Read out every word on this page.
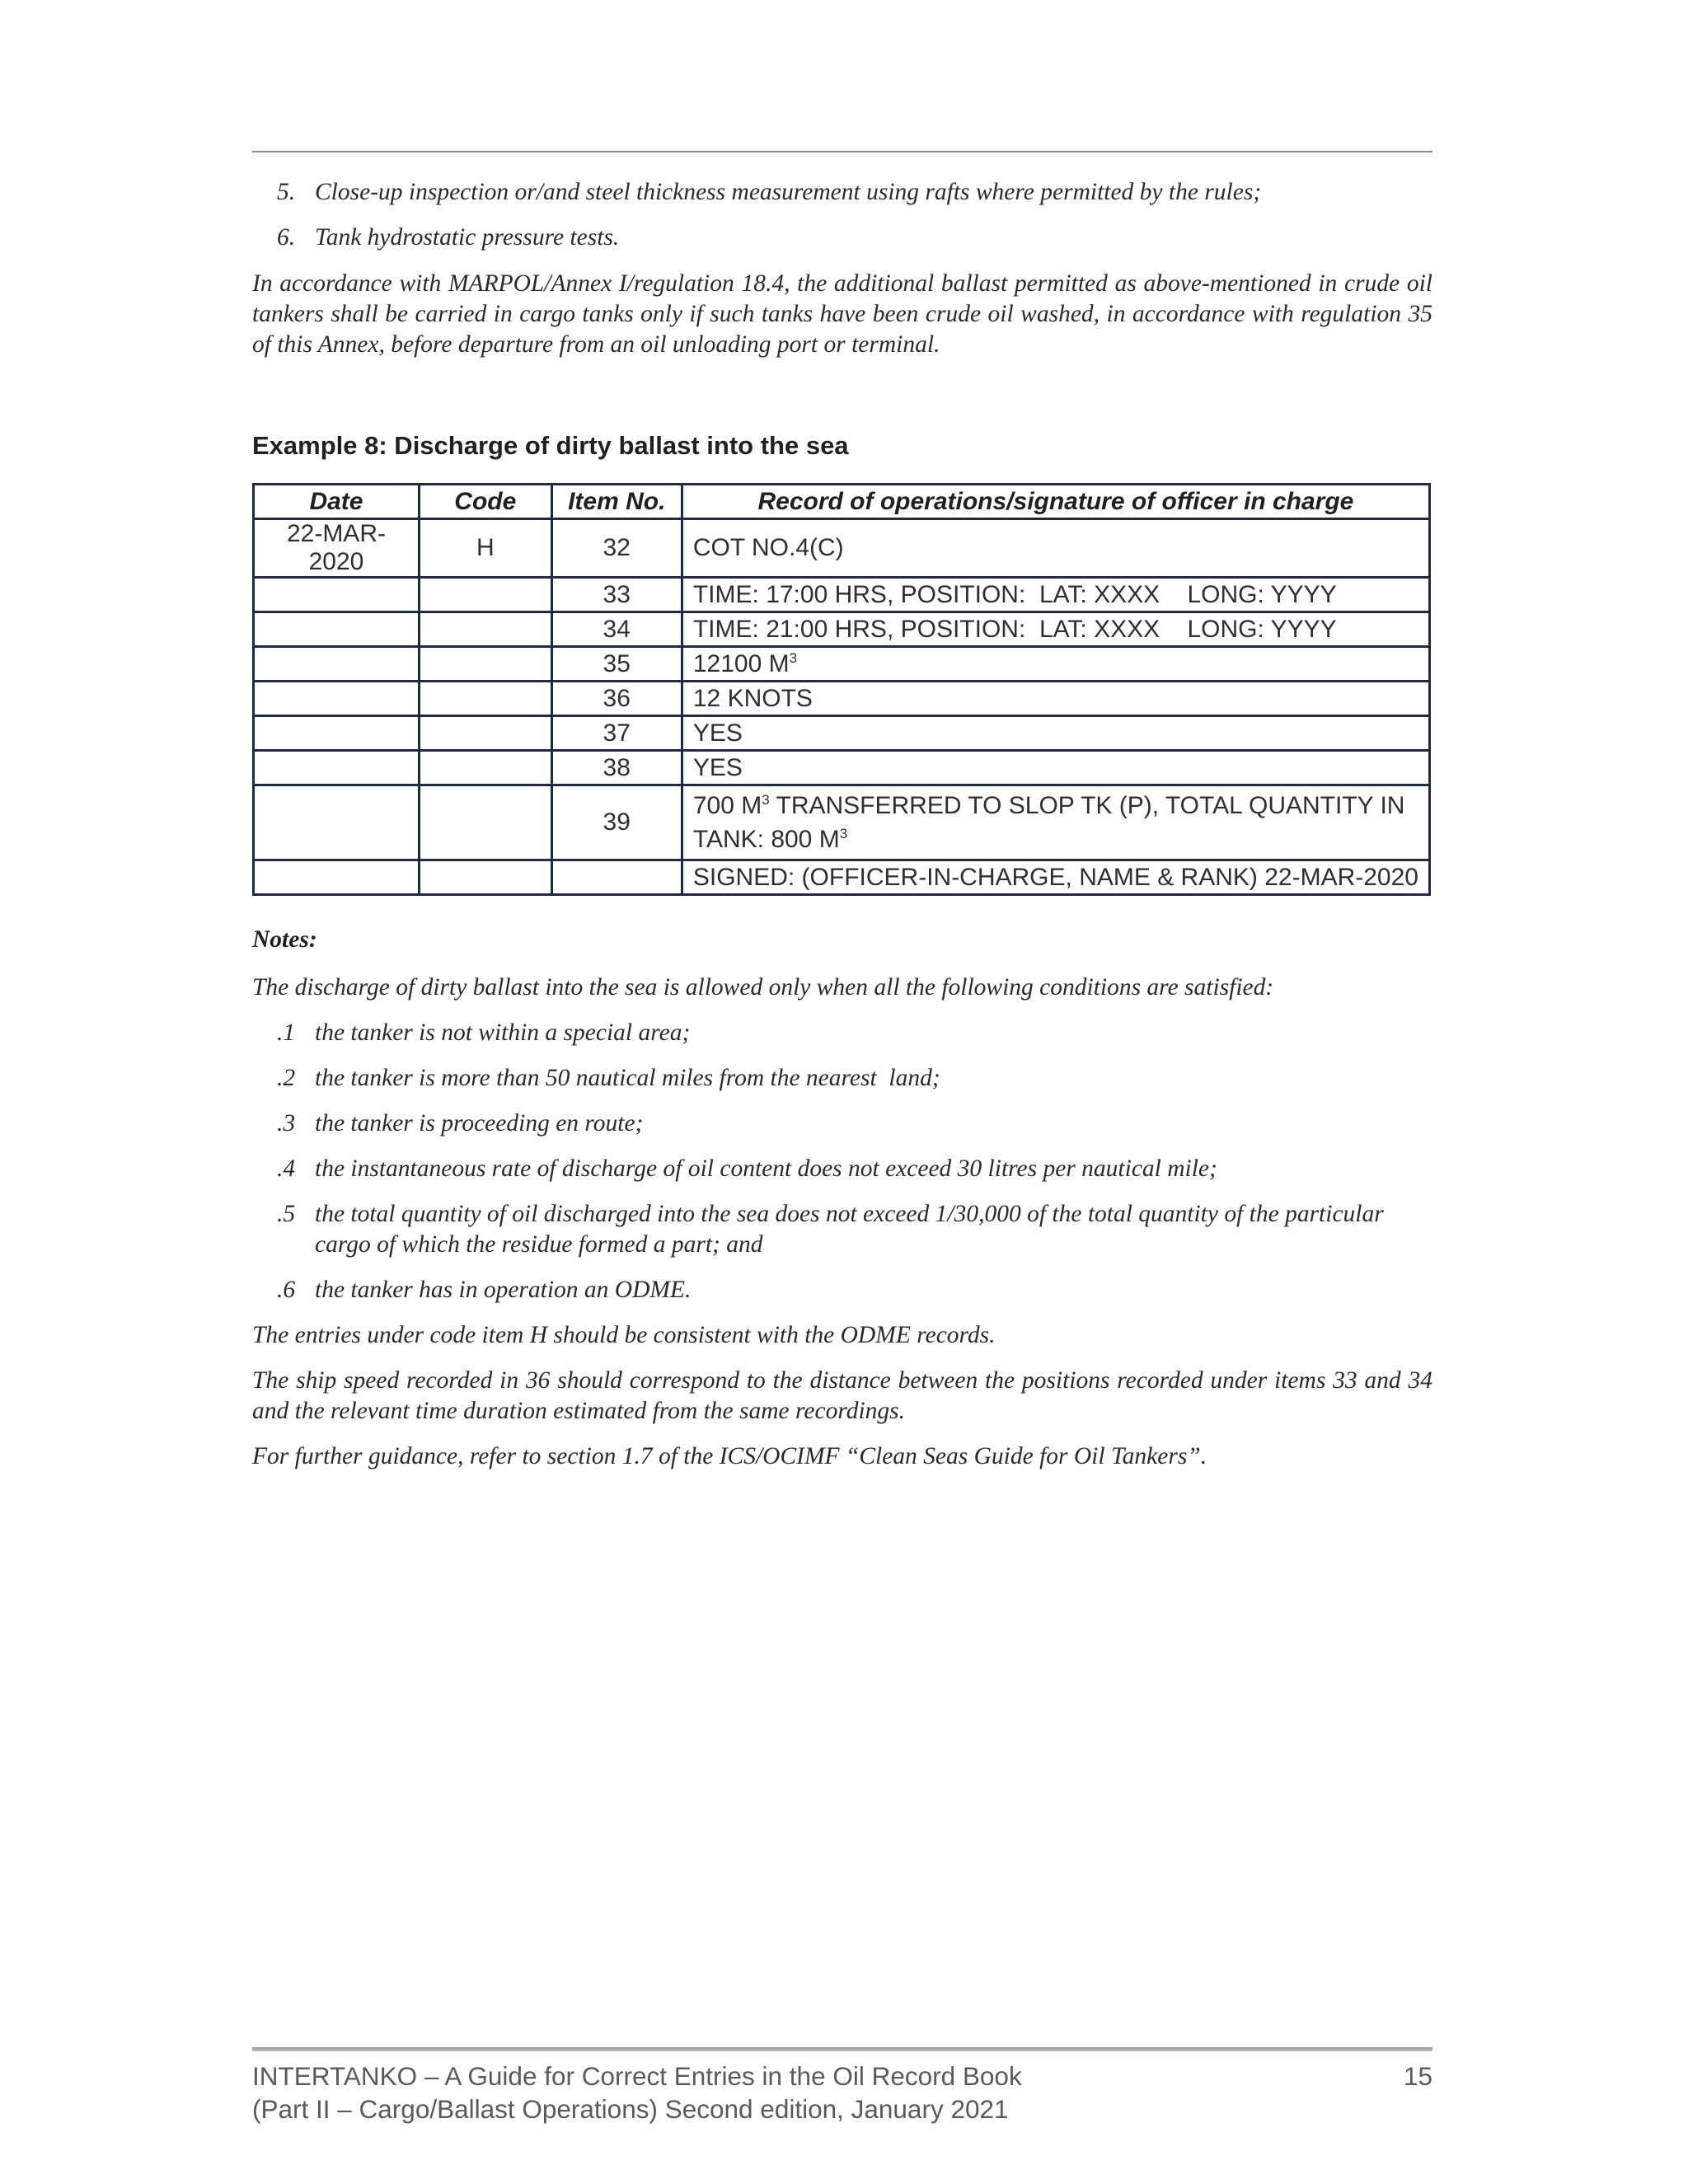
5. Close-up inspection or/and steel thickness measurement using rafts where permitted by the rules;
6. Tank hydrostatic pressure tests.
In accordance with MARPOL/Annex I/regulation 18.4, the additional ballast permitted as above-mentioned in crude oil tankers shall be carried in cargo tanks only if such tanks have been crude oil washed, in accordance with regulation 35 of this Annex, before departure from an oil unloading port or terminal.
Example 8: Discharge of dirty ballast into the sea
Date	Code	Item No.	Record of operations/signature of officer in charge
22-MAR-2020	H	32	COT NO.4(C)
		33	TIME: 17:00 HRS, POSITION:  LAT: XXXX    LONG: YYYY
		34	TIME: 21:00 HRS, POSITION:  LAT: XXXX    LONG: YYYY
		35	12100 $M^3$
		36	12 KNOTS
		37	YES
		38	YES
		39	700 $M^3$ TRANSFERRED TO SLOP TK (P), TOTAL QUANTITY IN TANK: 800 $M^3$
			SIGNED: (OFFICER-IN-CHARGE, NAME & RANK) 22-MAR-2020
Notes:
The discharge of dirty ballast into the sea is allowed only when all the following conditions are satisfied:
.1 the tanker is not within a special area;
.2 the tanker is more than 50 nautical miles from the nearest  land;
.3 the tanker is proceeding en route;
.4 the instantaneous rate of discharge of oil content does not exceed 30 litres per nautical mile;
.5 the total quantity of oil discharged into the sea does not exceed 1/30,000 of the total quantity of the particular cargo of which the residue formed a part; and
.6 the tanker has in operation an ODME.
The entries under code item H should be consistent with the ODME records.
The ship speed recorded in 36 should correspond to the distance between the positions recorded under items 33 and 34 and the relevant time duration estimated from the same recordings.
For further guidance, refer to section 1.7 of the ICS/OCIMF “Clean Seas Guide for Oil Tankers”.
INTERTANKO – A Guide for Correct Entries in the Oil Record Book
(Part II – Cargo/Ballast Operations) Second edition, January 2021
15
